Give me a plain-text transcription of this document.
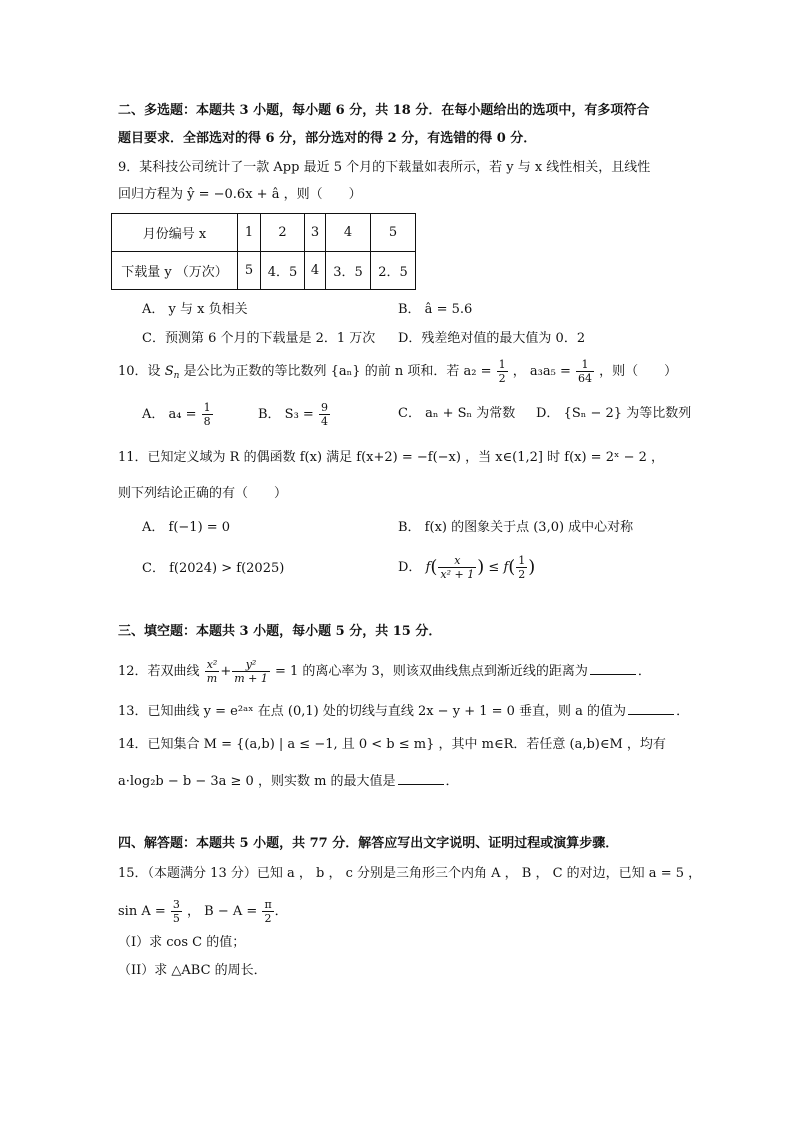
二、多选题：本题共 3 小题，每小题 6 分，共 18 分．在每小题给出的选项中，有多项符合
题目要求．全部选对的得 6 分，部分选对的得 2 分，有选错的得 0 分．
9．某科技公司统计了一款 App 最近 5 个月的下载量如表所示，若 y 与 x 线性相关，且线性
回归方程为 ŷ = −0.6x + â ，则（　　）
月份编号 x	1	2	3	4	5
下载量 y （万次）	5	4．5	4	3．5	2．5
A． y 与 x 负相关	B． â = 5.6
C．预测第 6 个月的下载量是 2．1 万次 D．残差绝对值的最大值为 0．2
10．设 $S_n$ 是公比为正数的等比数列 {aₙ} 的前 n 项和．若 $a_2 = \frac{1}{2}$ ， $a_3a_5 = \frac{1}{64}$ ，则（　　）
A． $a_4 = \frac{1}{8}$	B． $S_3 = \frac{9}{4}$	C． aₙ + Sₙ 为常数 D． {Sₙ − 2} 为等比数列
11．已知定义域为 R 的偶函数 f(x) 满足 f(x+2) = −f(−x) ，当 x∈(1,2] 时 f(x) = 2ˣ − 2 ，
则下列结论正确的有（　　）
A． f(−1) = 0	B． f(x) 的图象关于点 (3,0) 成中心对称
C． f(2024) > f(2025)	D． $f( \frac{x}{\text{x² + 1}}$ ) ≤ $f( \frac{1}{2}$ )
三、填空题：本题共 3 小题，每小题 5 分，共 15 分．
12．若双曲线 $\frac{\text{x²}}{m} + \frac{\text{y²}}{m + 1} = 1$ 的离心率为 3，则该双曲线焦点到渐近线的距离为	．
13．已知曲线 y = e²ᵃˣ 在点 (0,1) 处的切线与直线 2x − y + 1 = 0 垂直，则 a 的值为	．
14．已知集合 M = {(a,b) | a ≤ −1, 且 0 < b ≤ m} ，其中 m∈R．若任意 (a,b)∈M ，均有
a·log₂b − b − 3a ≥ 0 ，则实数 m 的最大值是	．
四、解答题：本题共 5 小题，共 77 分．解答应写出文字说明、证明过程或演算步骤．
15．（本题满分 13 分）已知 a ， b ， c 分别是三角形三个内角 A ， B ， C 的对边，已知 a = 5 ，
$\sin A = \frac{3}{5}$ ， $B - A = \frac{\pi}{2}$ ．
（I）求 cos C 的值；
（II）求 △ABC 的周长．
